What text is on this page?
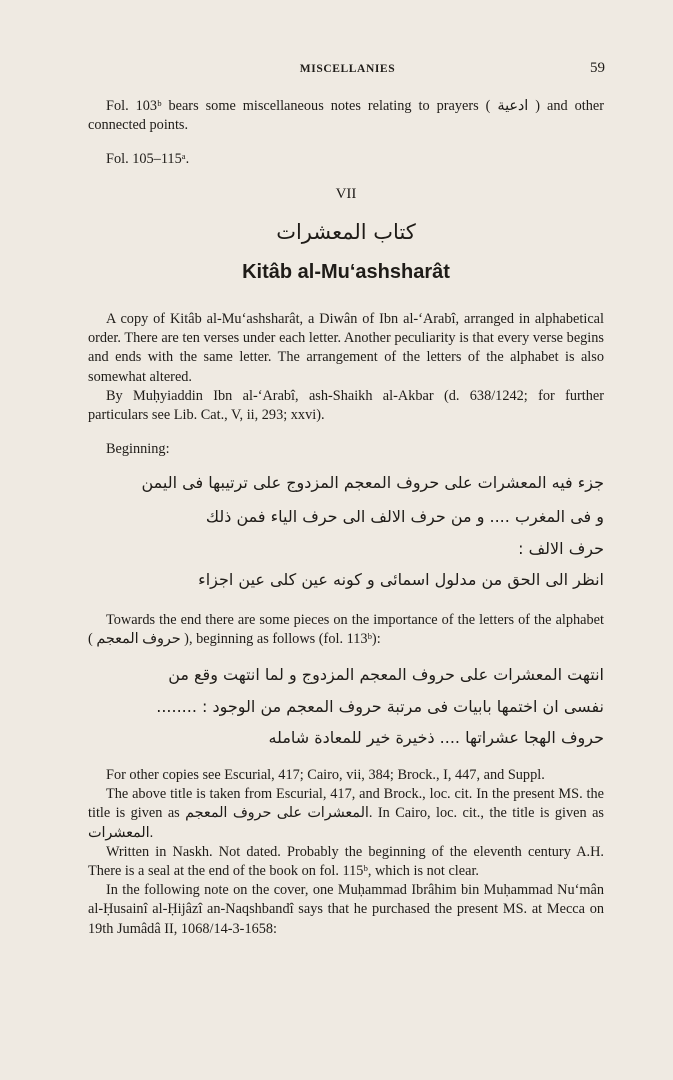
MISCELLANIES	59

Fol. 103ᵇ bears some miscellaneous notes relating to prayers ( ادعية ) and other connected points.

Fol. 105–115ᵃ.

VII
كتاب المعشرات
Kitâb al-Mu‘ashsharât

A copy of Kitâb al-Mu‘ashsharât, a Diwân of Ibn al-‘Arabî, arranged in alphabetical order. There are ten verses under each letter. Another peculiarity is that every verse begins and ends with the same letter. The arrangement of the letters of the alphabet is also somewhat altered.

By Muḥyiaddin Ibn al-‘Arabî, ash-Shaikh al-Akbar (d. 638/1242; for further particulars see Lib. Cat., V, ii, 293; xxvi).

Beginning:

جزء فيه المعشرات على حروف المعجم المزدوج على ترتيبها فى اليمن
و فى المغرب .... و من حرف الالف الى حرف الياء فمن ذلك
حرف الالف :
انظر الى الحق من مدلول اسمائى و كونه عين كلى عين اجزاء

Towards the end there are some pieces on the importance of the letters of the alphabet ( حروف المعجم ), beginning as follows (fol. 113ᵇ):

انتهت المعشرات على حروف المعجم المزدوج و لما انتهت وقع من
نفسى ان اختمها بابيات فى مرتبة حروف المعجم من الوجود : ........
حروف الهجا عشراتها .... ذخيرة خير للمعادة شامله

For other copies see Escurial, 417; Cairo, vii, 384; Brock., I, 447, and Suppl.

The above title is taken from Escurial, 417, and Brock., loc. cit. In the present MS. the title is given as المعشرات على حروف المعجم. In Cairo, loc. cit., the title is given as المعشرات.

Written in Naskh. Not dated. Probably the beginning of the eleventh century A.H. There is a seal at the end of the book on fol. 115ᵇ, which is not clear.

In the following note on the cover, one Muḥammad Ibrâhim bin Muḥammad Nu‘mân al-Ḥusainî al-Ḥijâzî an-Naqshbandî says that he purchased the present MS. at Mecca on 19th Jumâdâ II, 1068/14-3-1658:
